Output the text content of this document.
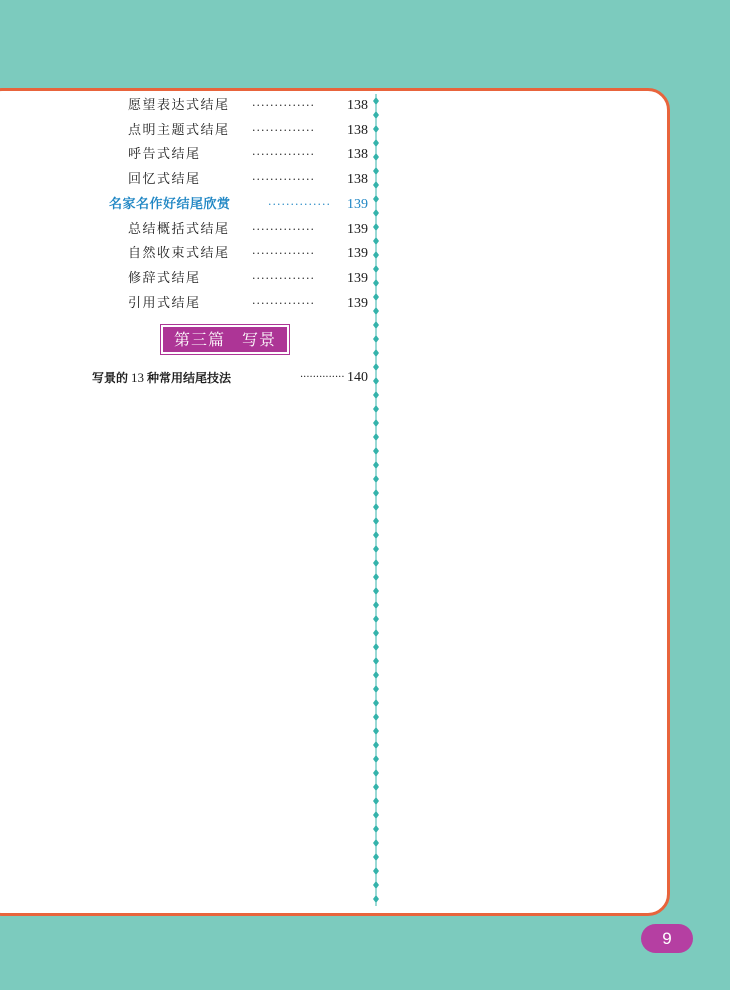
愿望表达式结尾 ··············	138
点明主题式结尾 ··············	138
呼告式结尾	··············	138
回忆式结尾	··············	138
名家名作好结尾欣赏	·············· 139
总结概括式结尾 ··············	139
自然收束式结尾 ··············	139
修辞式结尾	··············	139
引用式结尾	··············	139
第三篇　写景
写景的 13 种常用结尾技法	·············· 140
9
